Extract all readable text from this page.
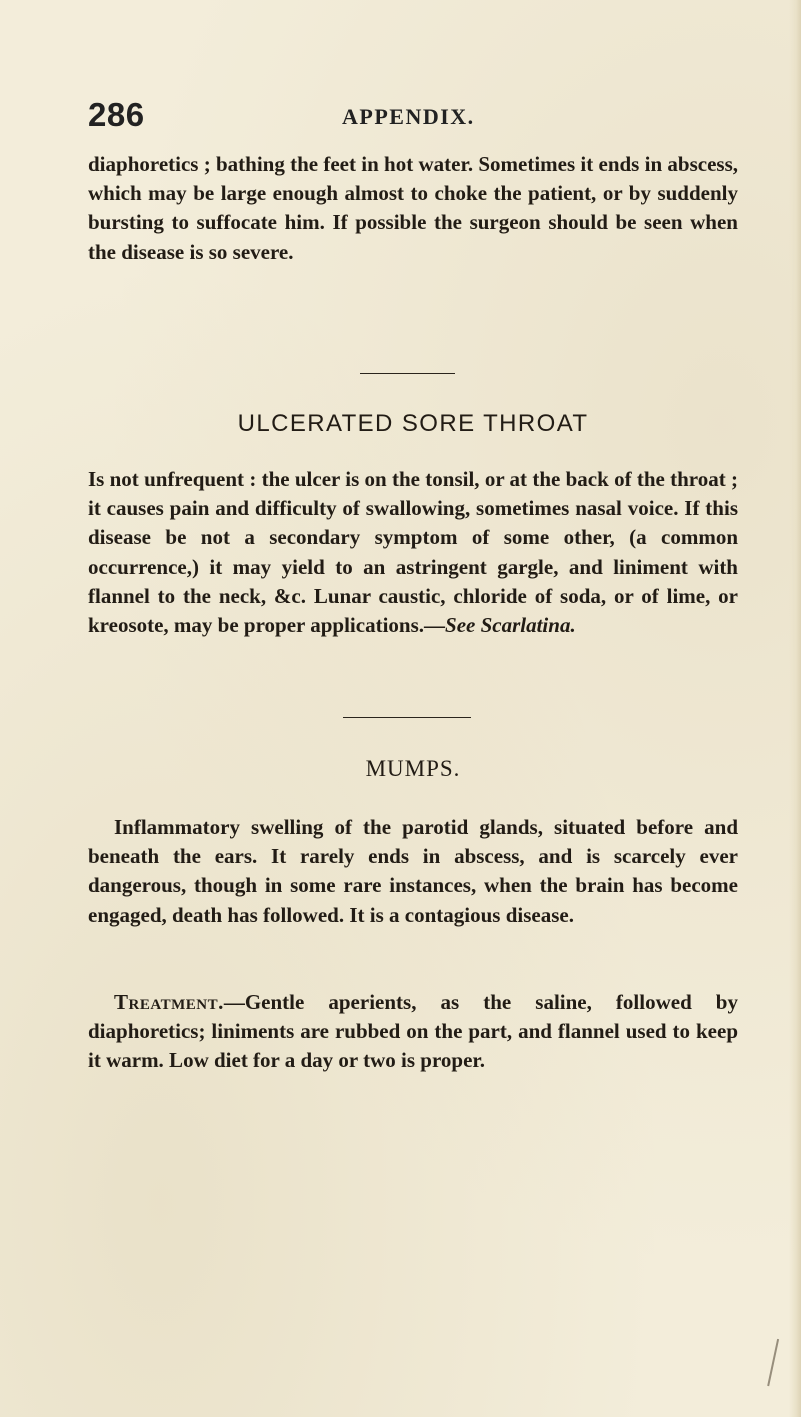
286	APPENDIX.

diaphoretics ; bathing the feet in hot water. Sometimes it ends in abscess, which may be large enough almost to choke the patient, or by suddenly bursting to suffocate him. If possible the surgeon should be seen when the disease is so severe.

ULCERATED SORE THROAT

Is not unfrequent : the ulcer is on the tonsil, or at the back of the throat ; it causes pain and difficulty of swallowing, sometimes nasal voice. If this disease be not a secondary symptom of some other, (a common occurrence,) it may yield to an astringent gargle, and liniment with flannel to the neck, &c. Lunar caustic, chloride of soda, or of lime, or kreosote, may be proper applications.—See Scarlatina.

MUMPS.

Inflammatory swelling of the parotid glands, situated before and beneath the ears. It rarely ends in abscess, and is scarcely ever dangerous, though in some rare instances, when the brain has become engaged, death has followed. It is a contagious disease.

Treatment.—Gentle aperients, as the saline, followed by diaphoretics; liniments are rubbed on the part, and flannel used to keep it warm. Low diet for a day or two is proper.
